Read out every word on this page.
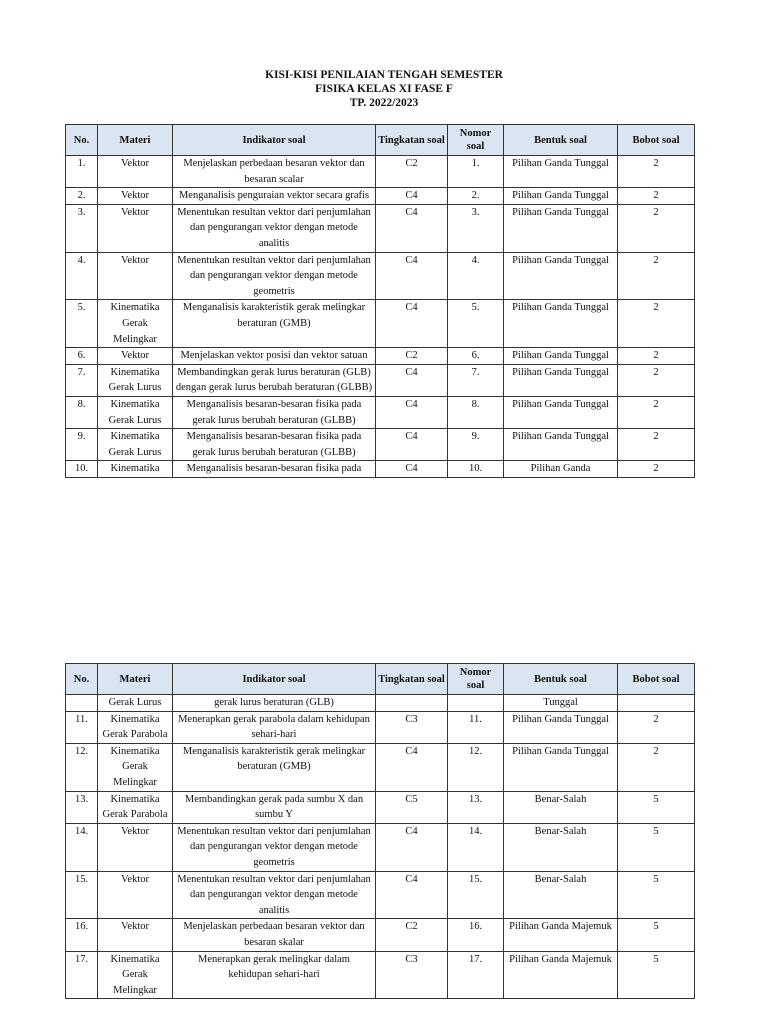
KISI-KISI PENILAIAN TENGAH SEMESTER
FISIKA KELAS XI FASE F
TP. 2022/2023
No.	Materi	Indikator soal	Tingkatan soal	Nomor soal	Bentuk soal	Bobot soal
1.	Vektor	Menjelaskan perbedaan besaran vektor dan besaran scalar	C2	1.	Pilihan Ganda Tunggal	2
2.	Vektor	Menganalisis penguraian vektor secara grafis	C4	2.	Pilihan Ganda Tunggal	2
3.	Vektor	Menentukan resultan vektor dari penjumlahan dan pengurangan vektor dengan metode analitis	C4	3.	Pilihan Ganda Tunggal	2
4.	Vektor	Menentukan resultan vektor dari penjumlahan dan pengurangan vektor dengan metode geometris	C4	4.	Pilihan Ganda Tunggal	2
5.	Kinematika Gerak Melingkar	Menganalisis karakteristik gerak melingkar beraturan (GMB)	C4	5.	Pilihan Ganda Tunggal	2
6.	Vektor	Menjelaskan vektor posisi dan vektor satuan	C2	6.	Pilihan Ganda Tunggal	2
7.	Kinematika Gerak Lurus	Membandingkan gerak lurus beraturan (GLB) dengan gerak lurus berubah beraturan (GLBB)	C4	7.	Pilihan Ganda Tunggal	2
8.	Kinematika Gerak Lurus	Menganalisis besaran-besaran fisika pada gerak lurus berubah beraturan (GLBB)	C4	8.	Pilihan Ganda Tunggal	2
9.	Kinematika Gerak Lurus	Menganalisis besaran-besaran fisika pada gerak lurus berubah beraturan (GLBB)	C4	9.	Pilihan Ganda Tunggal	2
10.	Kinematika	Menganalisis besaran-besaran fisika pada	C4	10.	Pilihan Ganda	2
No.	Materi	Indikator soal	Tingkatan soal	Nomor soal	Bentuk soal	Bobot soal
	Gerak Lurus	gerak lurus beraturan (GLB)			Tunggal	
11.	Kinematika Gerak Parabola	Menerapkan gerak parabola dalam kehidupan sehari-hari	C3	11.	Pilihan Ganda Tunggal	2
12.	Kinematika Gerak Melingkar	Menganalisis karakteristik gerak melingkar beraturan (GMB)	C4	12.	Pilihan Ganda Tunggal	2
13.	Kinematika Gerak Parabola	Membandingkan gerak pada sumbu X dan sumbu Y	C5	13.	Benar-Salah	5
14.	Vektor	Menentukan resultan vektor dari penjumlahan dan pengurangan vektor dengan metode geometris	C4	14.	Benar-Salah	5
15.	Vektor	Menentukan resultan vektor dari penjumlahan dan pengurangan vektor dengan metode analitis	C4	15.	Benar-Salah	5
16.	Vektor	Menjelaskan perbedaan besaran vektor dan besaran skalar	C2	16.	Pilihan Ganda Majemuk	5
17.	Kinematika Gerak Melingkar	Menerapkan gerak melingkar dalam kehidupan sehari-hari	C3	17.	Pilihan Ganda Majemuk	5
